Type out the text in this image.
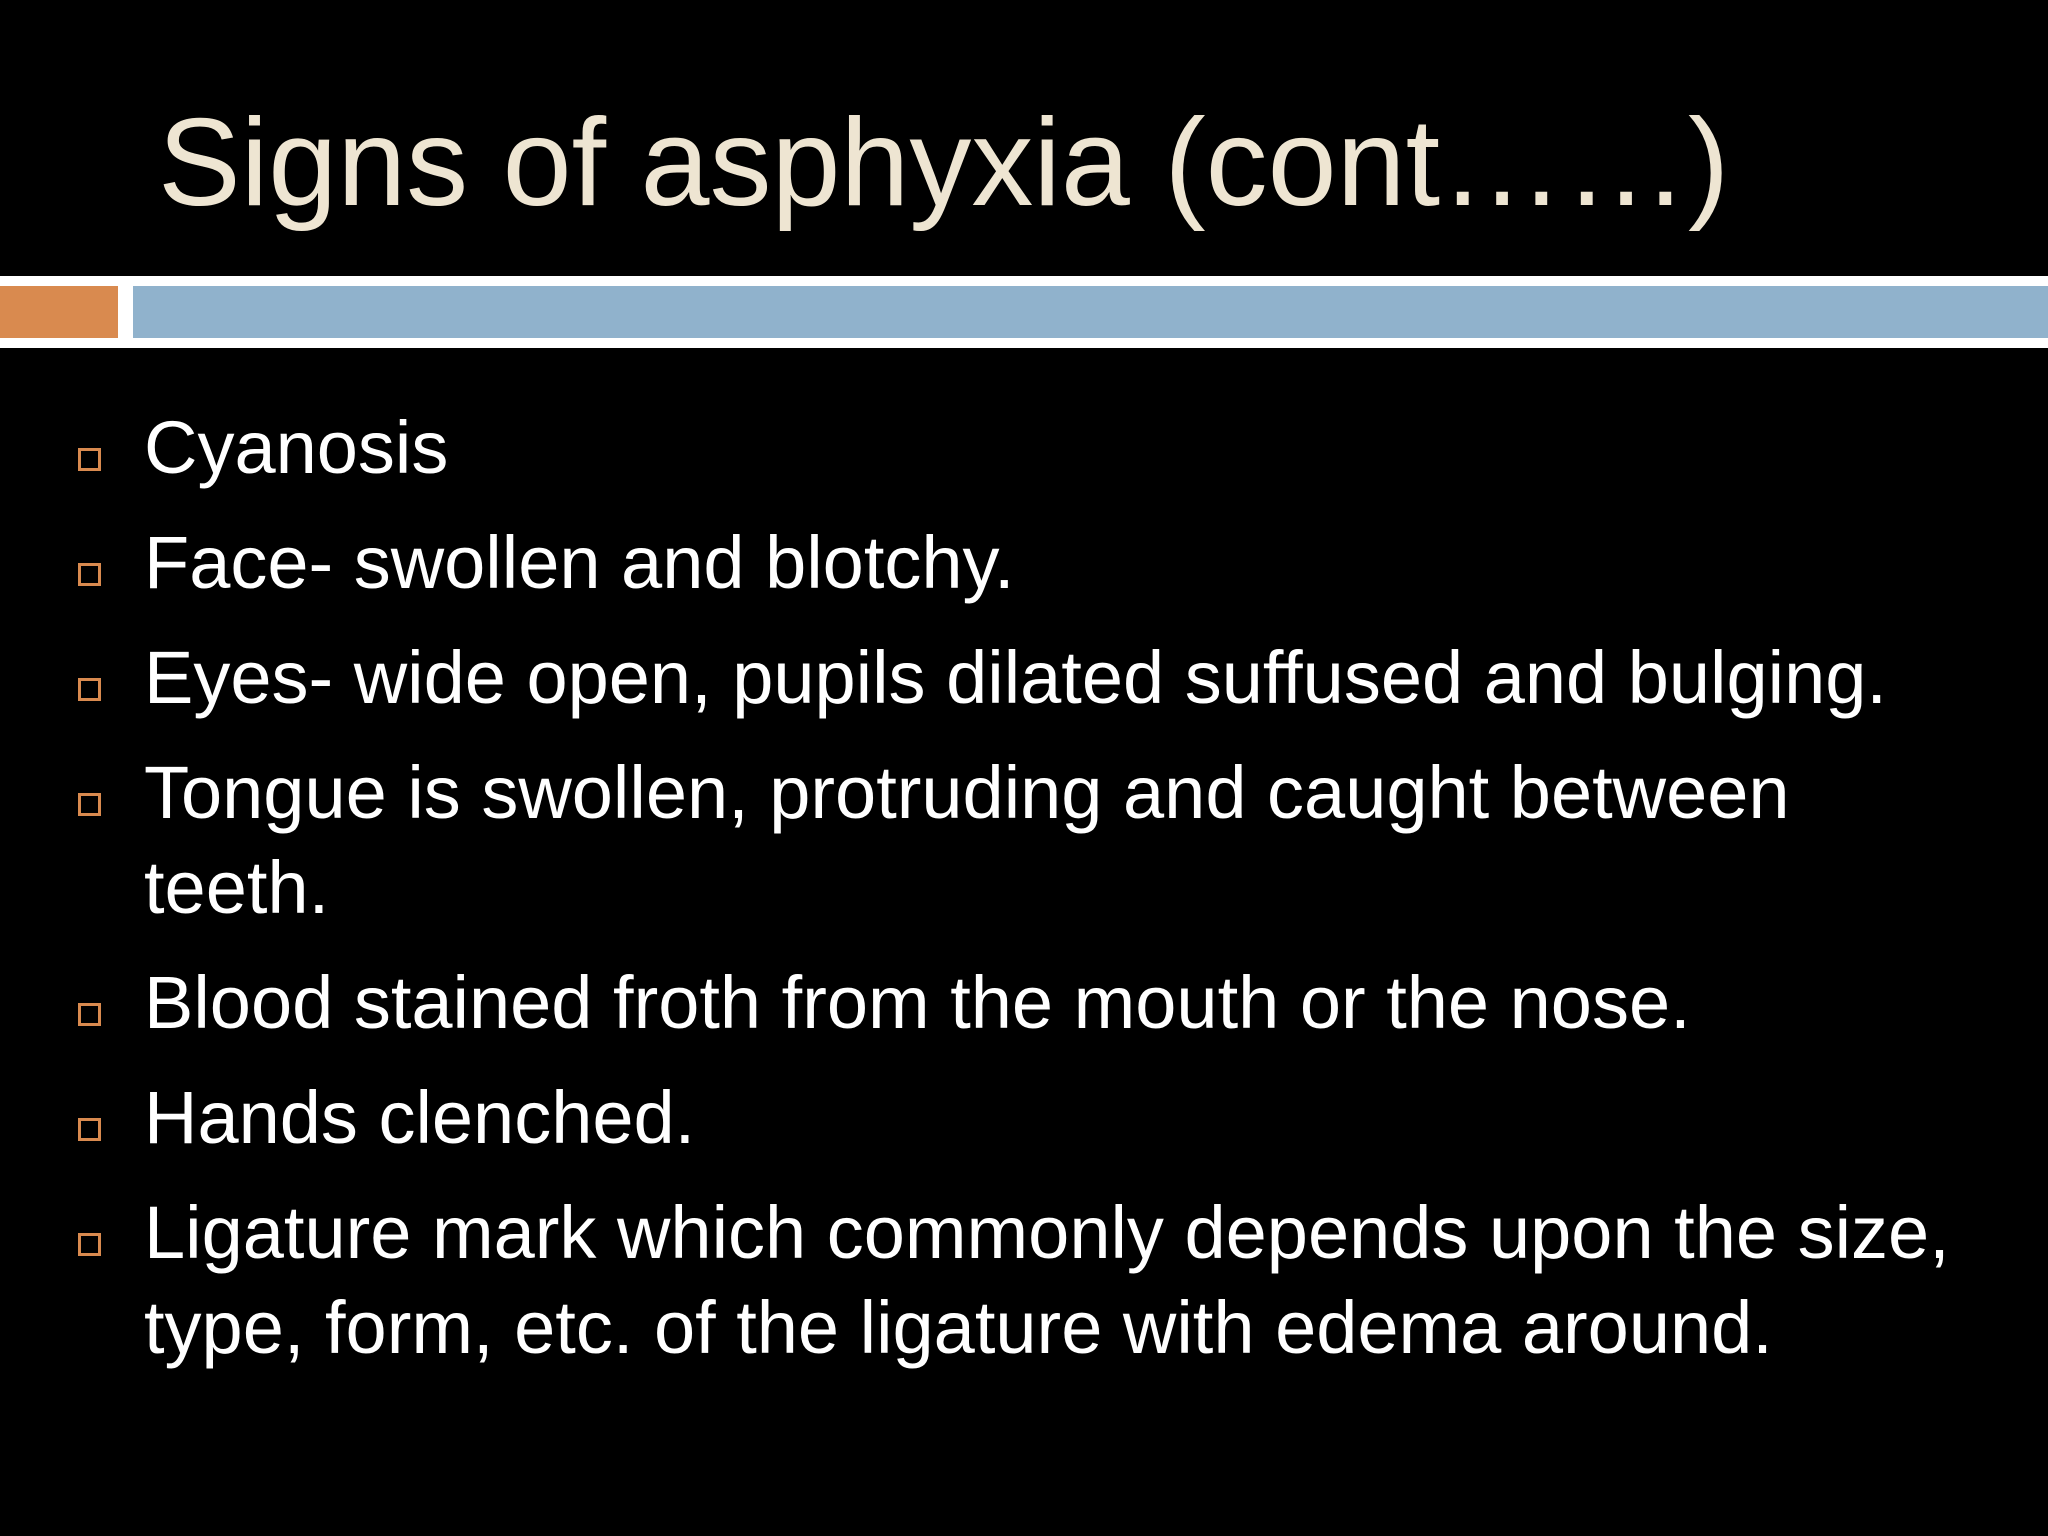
Signs of asphyxia (cont……)
Cyanosis
Face- swollen and blotchy.
Eyes- wide open, pupils dilated suffused and bulging.
Tongue is swollen, protruding and caught between teeth.
Blood stained froth from the mouth or the nose.
Hands clenched.
Ligature mark which commonly depends upon the size, type, form, etc. of the ligature with edema around.
